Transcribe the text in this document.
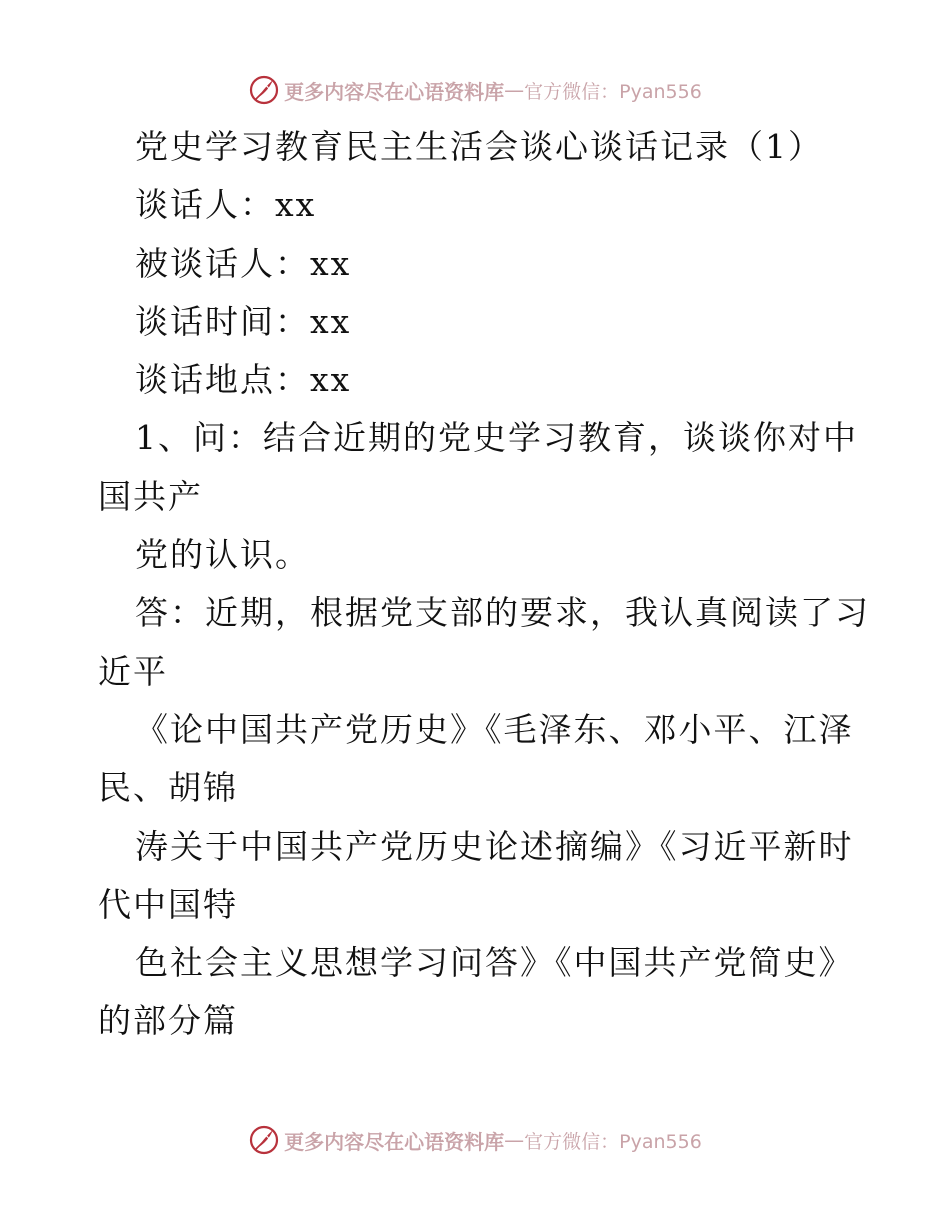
更多内容尽在心语资料库 — 官方微信：Pyan556
党史学习教育民主生活会谈心谈话记录（1）
谈话人：xx
被谈话人：xx
谈话时间：xx
谈话地点：xx
1、问：结合近期的党史学习教育，谈谈你对中
国共产
党的认识。
答：近期，根据党支部的要求，我认真阅读了习
近平
《论中国共产党历史》《毛泽东、邓小平、江泽
民、胡锦
涛关于中国共产党历史论述摘编》《习近平新时
代中国特
色社会主义思想学习问答》《中国共产党简史》
的部分篇
更多内容尽在心语资料库 — 官方微信：Pyan556
